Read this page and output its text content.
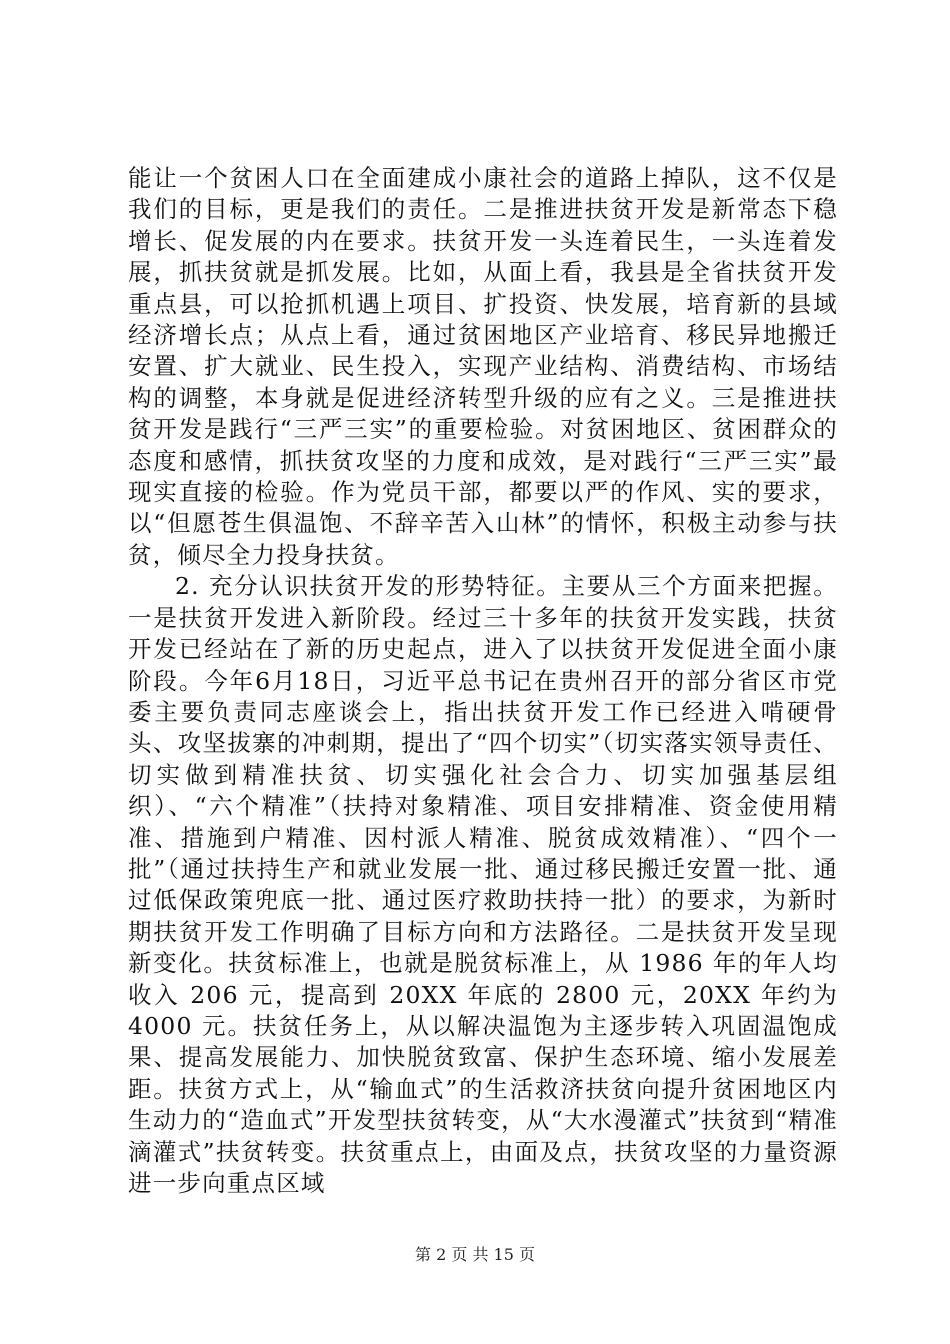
能让一个贫困人口在全面建成小康社会的道路上掉队，这不仅是我们的目标，更是我们的责任。二是推进扶贫开发是新常态下稳增长、促发展的内在要求。扶贫开发一头连着民生，一头连着发展，抓扶贫就是抓发展。比如，从面上看，我县是全省扶贫开发重点县，可以抢抓机遇上项目、扩投资、快发展，培育新的县域经济增长点；从点上看，通过贫困地区产业培育、移民异地搬迁安置、扩大就业、民生投入，实现产业结构、消费结构、市场结构的调整，本身就是促进经济转型升级的应有之义。三是推进扶贫开发是践行“三严三实”的重要检验。对贫困地区、贫困群众的态度和感情，抓扶贫攻坚的力度和成效，是对践行“三严三实”最现实直接的检验。作为党员干部，都要以严的作风、实的要求，以“但愿苍生俱温饱、不辞辛苦入山林”的情怀，积极主动参与扶贫，倾尽全力投身扶贫。

2. 充分认识扶贫开发的形势特征。主要从三个方面来把握。一是扶贫开发进入新阶段。经过三十多年的扶贫开发实践，扶贫开发已经站在了新的历史起点，进入了以扶贫开发促进全面小康阶段。今年6月18日，习近平总书记在贵州召开的部分省区市党委主要负责同志座谈会上，指出扶贫开发工作已经进入啃硬骨头、攻坚拔寨的冲刺期，提出了“四个切实”（切实落实领导责任、切实做到精准扶贫、切实强化社会合力、切实加强基层组织）、“六个精准”（扶持对象精准、项目安排精准、资金使用精准、措施到户精准、因村派人精准、脱贫成效精准）、“四个一批”（通过扶持生产和就业发展一批、通过移民搬迁安置一批、通过低保政策兜底一批、通过医疗救助扶持一批）的要求，为新时期扶贫开发工作明确了目标方向和方法路径。二是扶贫开发呈现新变化。扶贫标准上，也就是脱贫标准上，从 1986 年的年人均收入 206 元，提高到 20XX 年底的 2800 元，20XX 年约为 4000 元。扶贫任务上，从以解决温饱为主逐步转入巩固温饱成果、提高发展能力、加快脱贫致富、保护生态环境、缩小发展差距。扶贫方式上，从“输血式”的生活救济扶贫向提升贫困地区内生动力的“造血式”开发型扶贫转变，从“大水漫灌式”扶贫到“精准滴灌式”扶贫转变。扶贫重点上，由面及点，扶贫攻坚的力量资源进一步向重点区域

第 2 页 共 15 页
